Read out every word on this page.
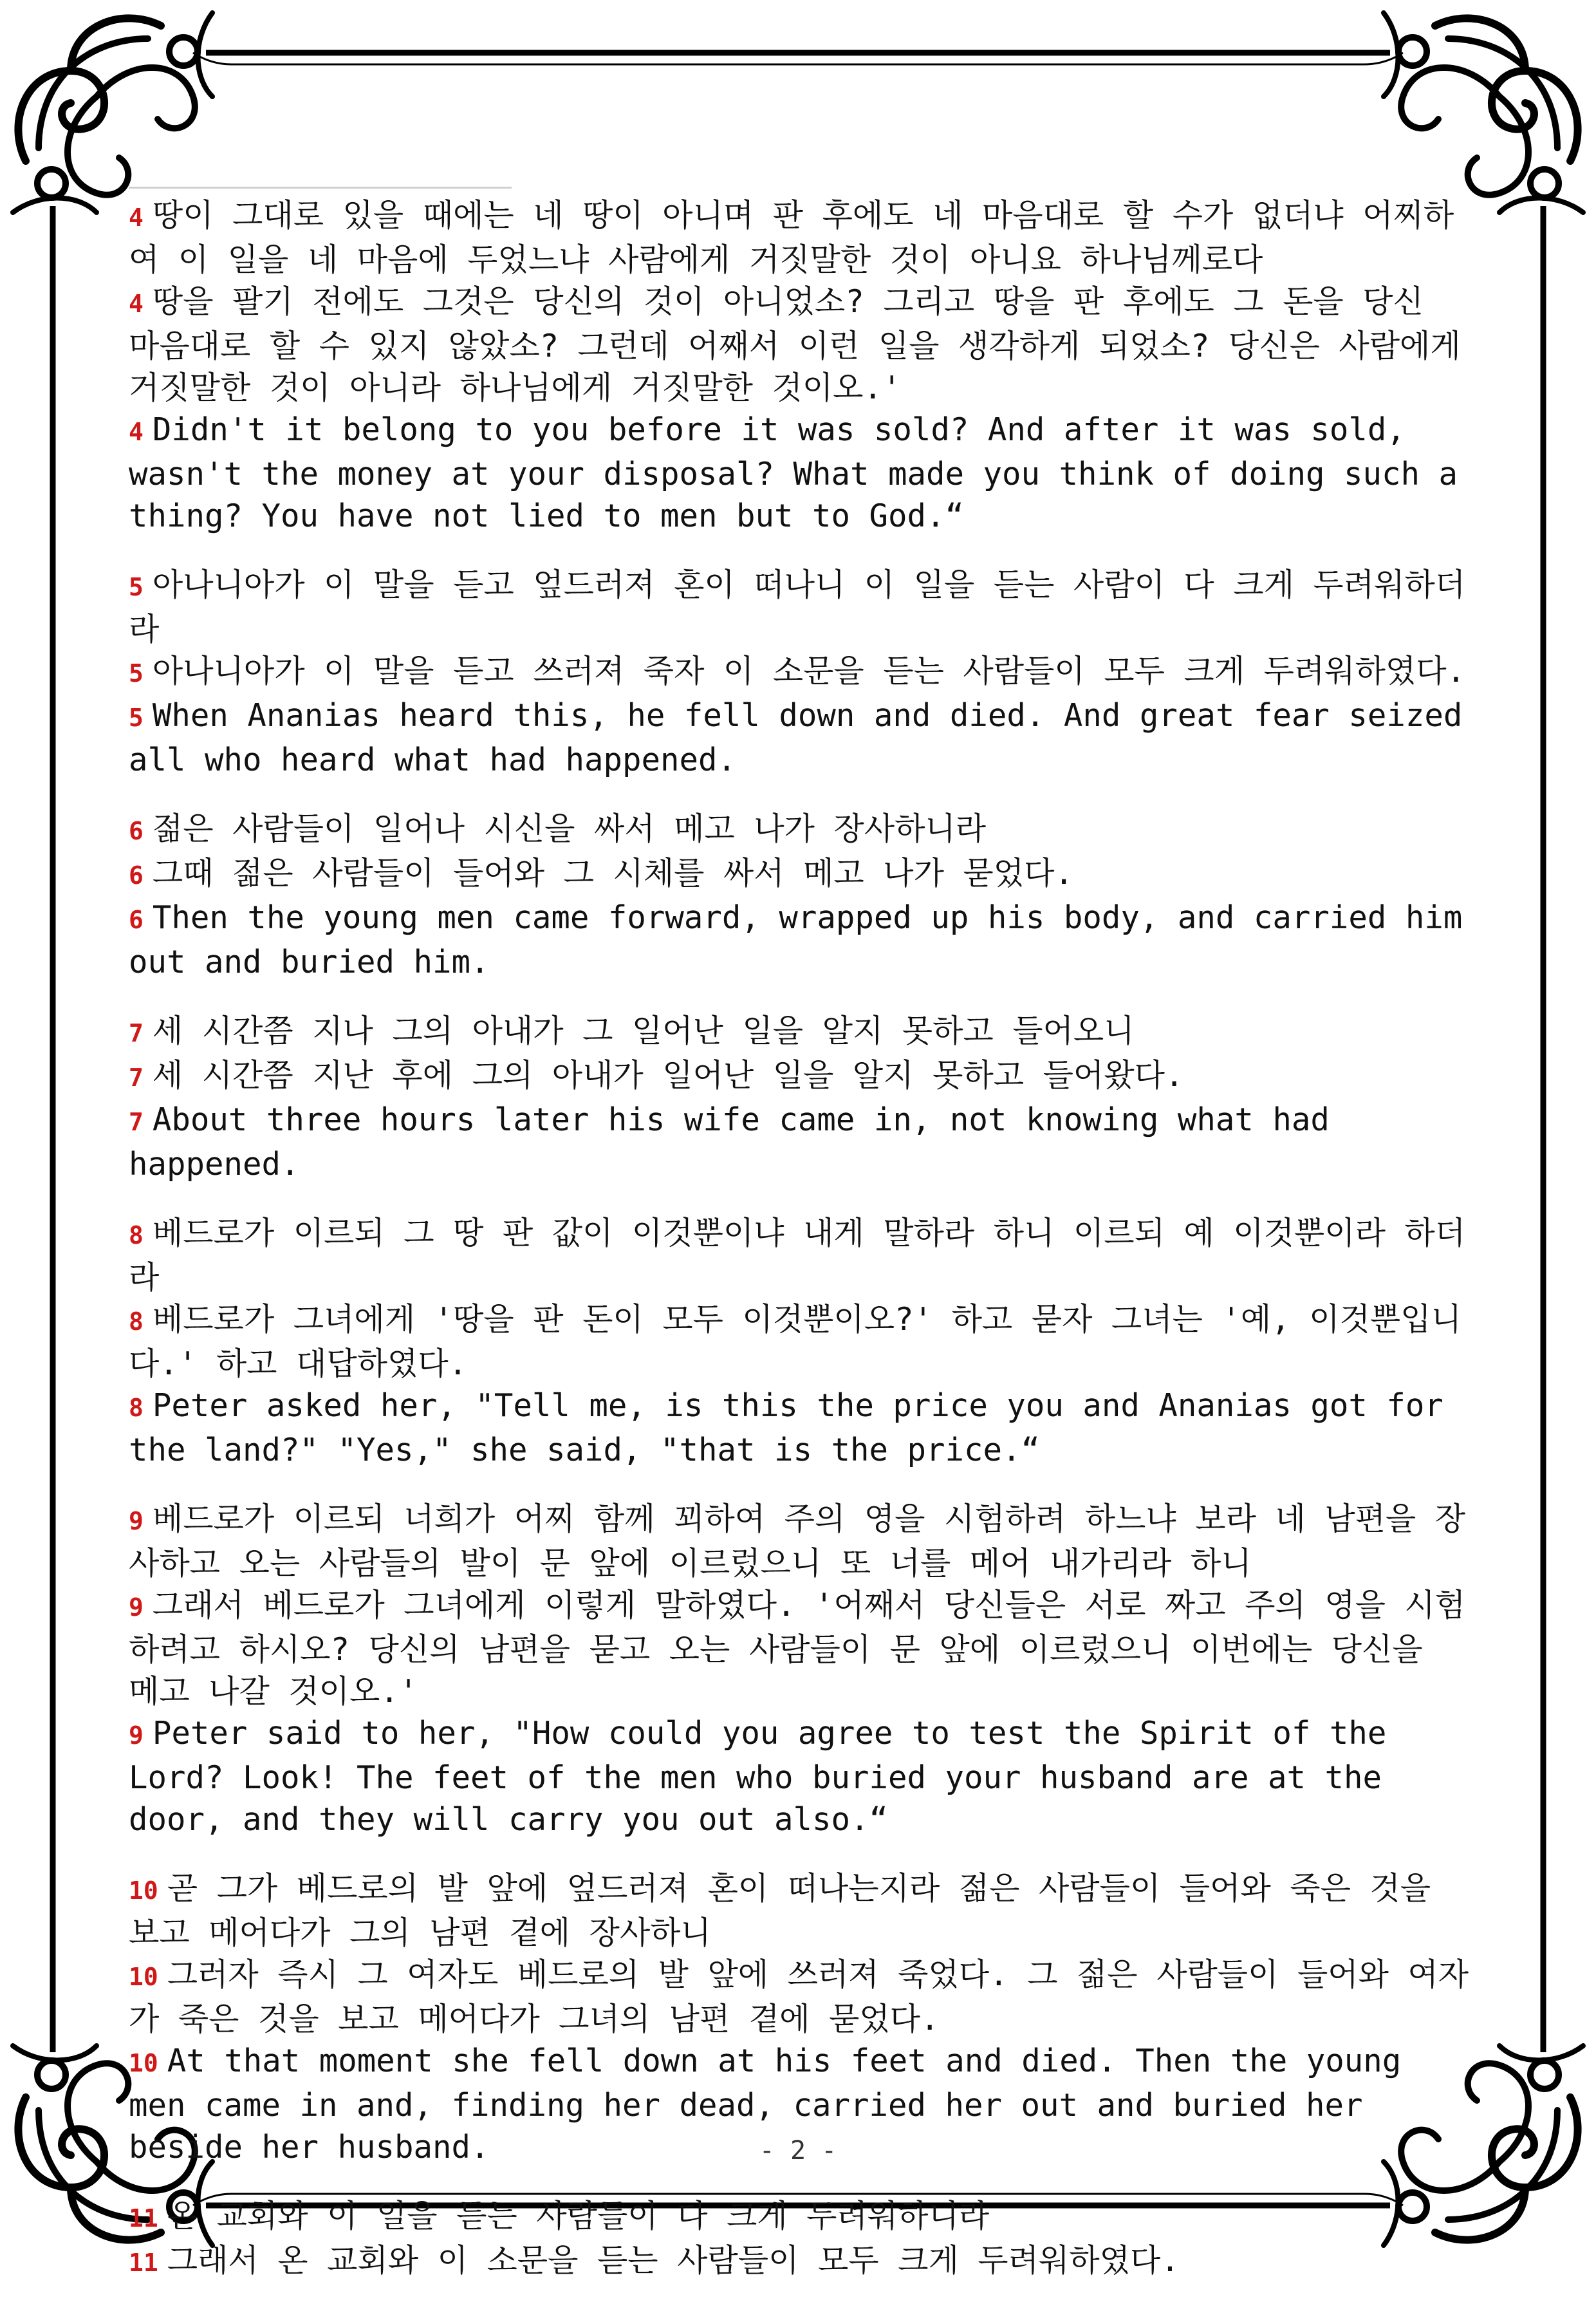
4 땅이 그대로 있을 때에는 네 땅이 아니며 판 후에도 네 마음대로 할 수가 없더냐 어찌하여 이 일을 네 마음에 두었느냐 사람에게 거짓말한 것이 아니요 하나님께로다
4 땅을 팔기 전에도 그것은 당신의 것이 아니었소? 그리고 땅을 판 후에도 그 돈을 당신 마음대로 할 수 있지 않았소? 그런데 어째서 이런 일을 생각하게 되었소? 당신은 사람에게 거짓말한 것이 아니라 하나님에게 거짓말한 것이오.'
4 Didn't it belong to you before it was sold? And after it was sold, wasn't the money at your disposal? What made you think of doing such a thing? You have not lied to men but to God.“
5 아나니아가 이 말을 듣고 엎드러져 혼이 떠나니 이 일을 듣는 사람이 다 크게 두려워하더라
5 아나니아가 이 말을 듣고 쓰러져 죽자 이 소문을 듣는 사람들이 모두 크게 두려워하였다.
5 When Ananias heard this, he fell down and died. And great fear seized all who heard what had happened.
6 젊은 사람들이 일어나 시신을 싸서 메고 나가 장사하니라
6 그때 젊은 사람들이 들어와 그 시체를 싸서 메고 나가 묻었다.
6 Then the young men came forward, wrapped up his body, and carried him out and buried him.
7 세 시간쯤 지나 그의 아내가 그 일어난 일을 알지 못하고 들어오니
7 세 시간쯤 지난 후에 그의 아내가 일어난 일을 알지 못하고 들어왔다.
7 About three hours later his wife came in, not knowing what had happened.
8 베드로가 이르되 그 땅 판 값이 이것뿐이냐 내게 말하라 하니 이르되 예 이것뿐이라 하더라
8 베드로가 그녀에게 '땅을 판 돈이 모두 이것뿐이오?' 하고 묻자 그녀는 '예, 이것뿐입니다.' 하고 대답하였다.
8 Peter asked her, "Tell me, is this the price you and Ananias got for the land?" "Yes," she said, "that is the price.“
9 베드로가 이르되 너희가 어찌 함께 꾀하여 주의 영을 시험하려 하느냐 보라 네 남편을 장사하고 오는 사람들의 발이 문 앞에 이르렀으니 또 너를 메어 내가리라 하니
9 그래서 베드로가 그녀에게 이렇게 말하였다. '어째서 당신들은 서로 짜고 주의 영을 시험하려고 하시오? 당신의 남편을 묻고 오는 사람들이 문 앞에 이르렀으니 이번에는 당신을 메고 나갈 것이오.'
9 Peter said to her, "How could you agree to test the Spirit of the Lord? Look! The feet of the men who buried your husband are at the door, and they will carry you out also.“
10 곧 그가 베드로의 발 앞에 엎드러져 혼이 떠나는지라 젊은 사람들이 들어와 죽은 것을 보고 메어다가 그의 남편 곁에 장사하니
10 그러자 즉시 그 여자도 베드로의 발 앞에 쓰러져 죽었다. 그 젊은 사람들이 들어와 여자가 죽은 것을 보고 메어다가 그녀의 남편 곁에 묻었다.
10 At that moment she fell down at his feet and died. Then the young men came in and, finding her dead, carried her out and buried her beside her husband.
11 온 교회와 이 일을 듣는 사람들이 다 크게 두려워하니라
11 그래서 온 교회와 이 소문을 듣는 사람들이 모두 크게 두려워하였다.
- 2 -
